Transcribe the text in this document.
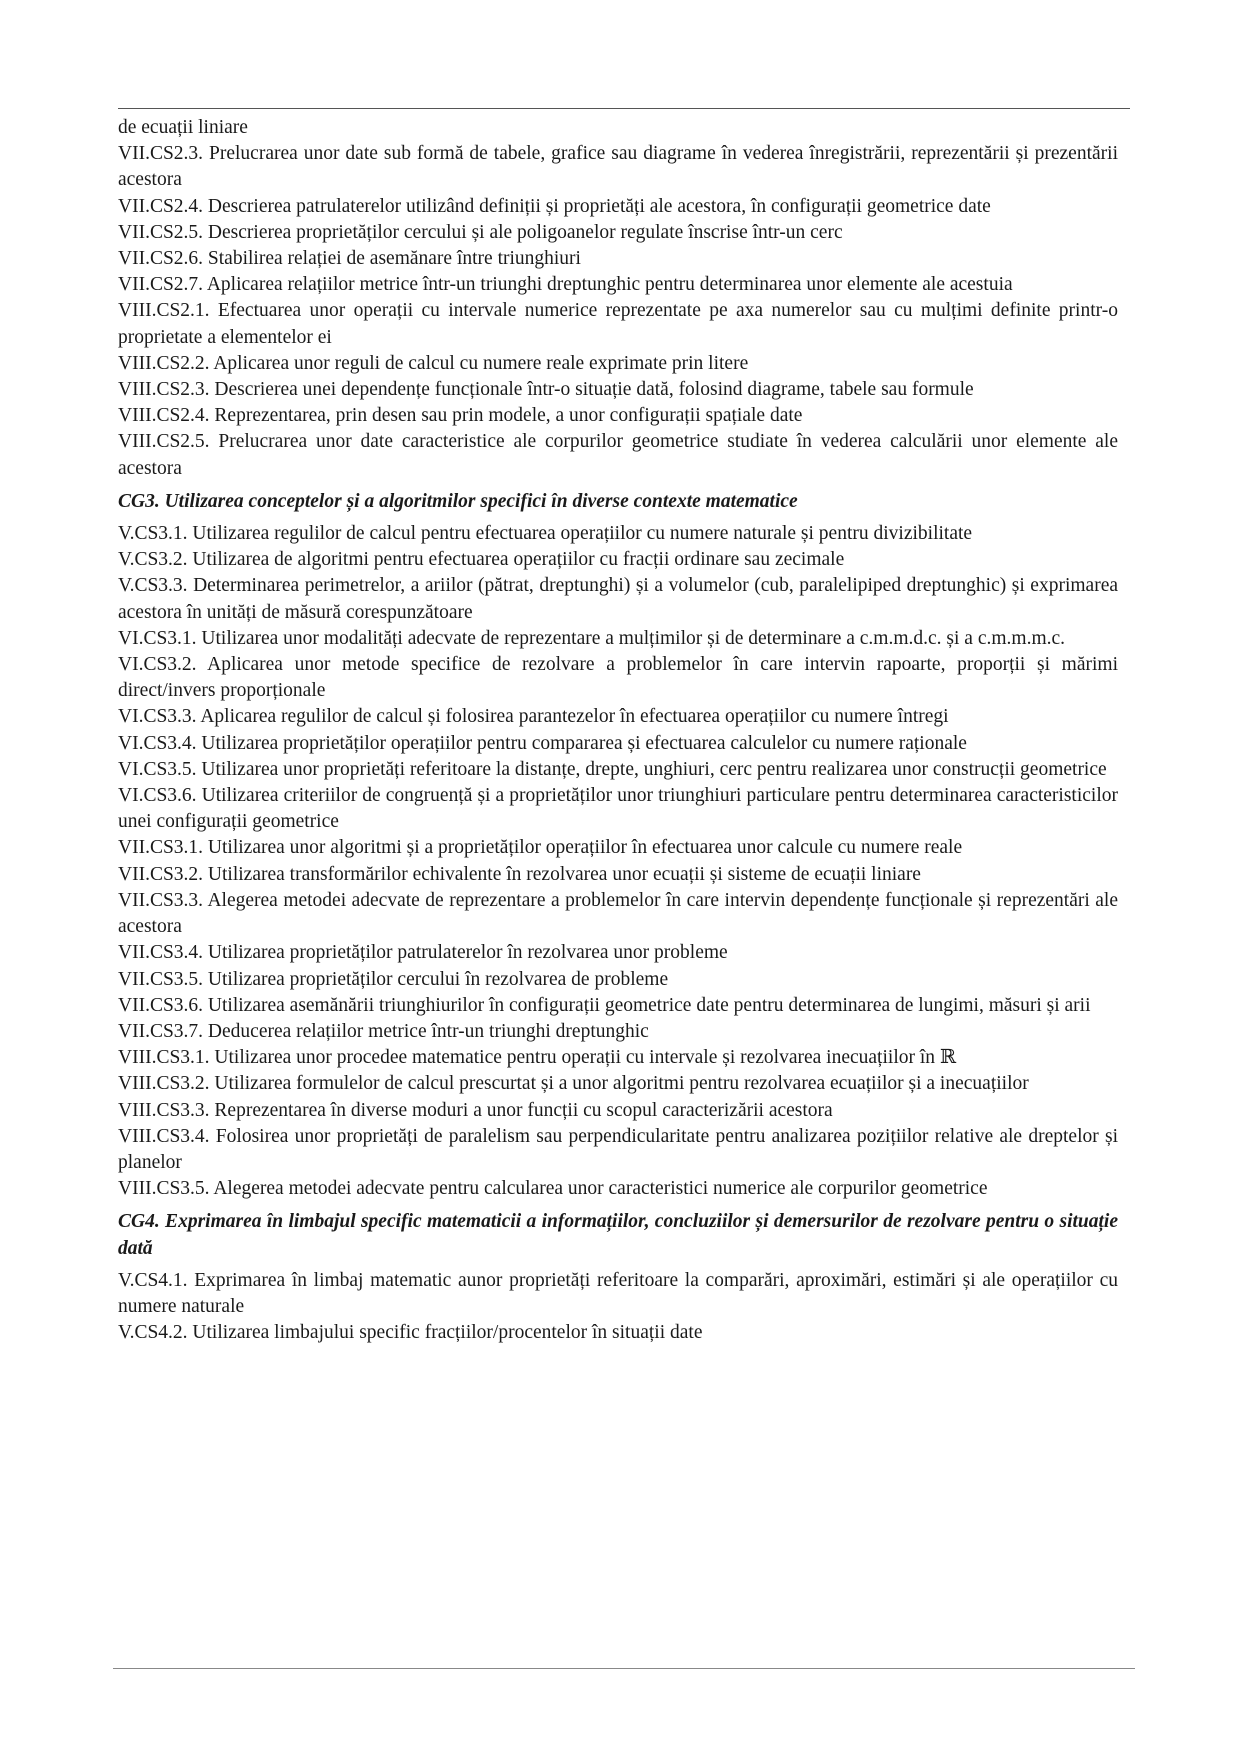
de ecuații liniare

VII.CS2.3. Prelucrarea unor date sub formă de tabele, grafice sau diagrame în vederea înregistrării, reprezentării și prezentării acestora

VII.CS2.4. Descrierea patrulaterelor utilizând definiții și proprietăți ale acestora, în configurații geometrice date

VII.CS2.5. Descrierea proprietăților cercului și ale poligoanelor regulate înscrise într-un cerc

VII.CS2.6. Stabilirea relației de asemănare între triunghiuri

VII.CS2.7. Aplicarea relațiilor metrice într-un triunghi dreptunghic pentru determinarea unor elemente ale acestuia

VIII.CS2.1. Efectuarea unor operații cu intervale numerice reprezentate pe axa numerelor sau cu mulțimi definite printr-o proprietate a elementelor ei

VIII.CS2.2. Aplicarea unor reguli de calcul cu numere reale exprimate prin litere

VIII.CS2.3. Descrierea unei dependențe funcționale într-o situație dată, folosind diagrame, tabele sau formule

VIII.CS2.4. Reprezentarea, prin desen sau prin modele, a unor configurații spațiale date

VIII.CS2.5. Prelucrarea unor date caracteristice ale corpurilor geometrice studiate în vederea calculării unor elemente ale acestora

CG3. Utilizarea conceptelor și a algoritmilor specifici în diverse contexte matematice

V.CS3.1. Utilizarea regulilor de calcul pentru efectuarea operațiilor cu numere naturale și pentru divizibilitate

V.CS3.2. Utilizarea de algoritmi pentru efectuarea operațiilor cu fracții ordinare sau zecimale

V.CS3.3. Determinarea perimetrelor, a ariilor (pătrat, dreptunghi) și a volumelor (cub, paralelipiped dreptunghic) și exprimarea acestora în unități de măsură corespunzătoare

VI.CS3.1. Utilizarea unor modalități adecvate de reprezentare a mulțimilor și de determinare a c.m.m.d.c. și a c.m.m.m.c.

VI.CS3.2. Aplicarea unor metode specifice de rezolvare a problemelor în care intervin rapoarte, proporții și mărimi direct/invers proporționale

VI.CS3.3. Aplicarea regulilor de calcul și folosirea parantezelor în efectuarea operațiilor cu numere întregi

VI.CS3.4. Utilizarea proprietăților operațiilor pentru compararea și efectuarea calculelor cu numere raționale

VI.CS3.5. Utilizarea unor proprietăți referitoare la distanțe, drepte, unghiuri, cerc pentru realizarea unor construcții geometrice

VI.CS3.6. Utilizarea criteriilor de congruență și a proprietăților unor triunghiuri particulare pentru determinarea caracteristicilor unei configurații geometrice

VII.CS3.1. Utilizarea unor algoritmi și a proprietăților operațiilor în efectuarea unor calcule cu numere reale

VII.CS3.2. Utilizarea transformărilor echivalente în rezolvarea unor ecuații și sisteme de ecuații liniare

VII.CS3.3. Alegerea metodei adecvate de reprezentare a problemelor în care intervin dependențe funcționale și reprezentări ale acestora

VII.CS3.4. Utilizarea proprietăților patrulaterelor în rezolvarea unor probleme

VII.CS3.5. Utilizarea proprietăților cercului în rezolvarea de probleme

VII.CS3.6. Utilizarea asemănării triunghiurilor în configurații geometrice date pentru determinarea de lungimi, măsuri și arii

VII.CS3.7. Deducerea relațiilor metrice într-un triunghi dreptunghic

VIII.CS3.1. Utilizarea unor procedee matematice pentru operații cu intervale și rezolvarea inecuațiilor în ℝ

VIII.CS3.2. Utilizarea formulelor de calcul prescurtat și a unor algoritmi pentru rezolvarea ecuațiilor și a inecuațiilor

VIII.CS3.3. Reprezentarea în diverse moduri a unor funcții cu scopul caracterizării acestora

VIII.CS3.4. Folosirea unor proprietăți de paralelism sau perpendicularitate pentru analizarea pozițiilor relative ale dreptelor și planelor

VIII.CS3.5. Alegerea metodei adecvate pentru calcularea unor caracteristici numerice ale corpurilor geometrice

CG4. Exprimarea în limbajul specific matematicii a informațiilor, concluziilor și demersurilor de rezolvare pentru o situație dată

V.CS4.1. Exprimarea în limbaj matematic aunor proprietăți referitoare la comparări, aproximări, estimări și ale operațiilor cu numere naturale

V.CS4.2. Utilizarea limbajului specific fracțiilor/procentelor în situații date
